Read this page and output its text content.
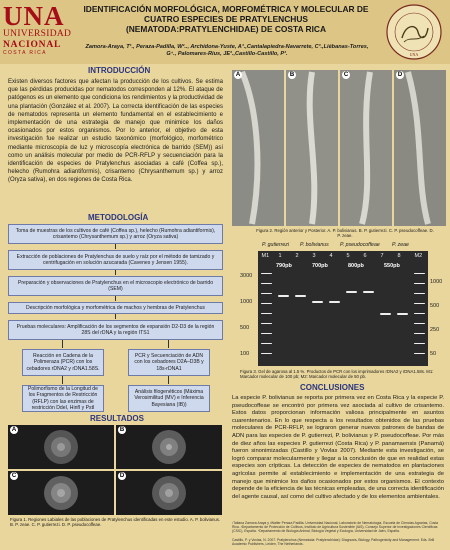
UNA
UNIVERSIDAD
NACIONAL
COSTA RICA
IDENTIFICACIÓN MORFOLÓGICA, MORFOMÉTRICA Y MOLECULAR DE CUATRO ESPECIES DE PRATYLENCHUS (NEMATODA:PRATYLENCHIDAE) DE COSTA RICA
Zamora-Araya, T¹., Peraza-Padilla, W².., Archidona-Yuste, A³.,Cantalapiedra-Navarrete, C³.,Liébanas-Torres, G⁴., Palomares-Rius, JE³.,Castillo-Castillo, P³.	UNA
INTRODUCCIÓN
Existen diversos factores que afectan la producción de los cultivos. Se estima que las pérdidas producidas por nematodos corresponden al 12%. El ataque de patógenos es un elemento que condiciona los rendimientos y la productividad de una plantación (González et al. 2007). La correcta identificación de las especies de nematodos representa un elemento fundamental en el establecimiento e implementación de una estrategia de manejo que minimice los daños ocasionados por estos organismos. Por lo anterior, el objetivo de esta investigación fue realizar un estudio taxonómico (morfológico, morfométrico mediante microscopía de luz y microscopía electrónica de barrido (SEM)) así como un análisis molecular por medio de PCR-RFLP y secuenciación para la identificación de especies de Pratylenchus asociadas a café (Coffea sp.), helecho (Rumohra adiantiformis), crisantemo (Chrysanthemum sp.) y arroz (Oryza sativa), en dos regiones de Costa Rica.
METODOLOGÍA
Toma de muestras de los cultivos de café (Coffea sp.), helecho (Rumohra adiantiformis), crisantemo (Chrysanthemum sp.) y arroz (Oryza sativa)
Extracción de poblaciones de Pratylenchus de suelo y raíz por el método de tamizado y centrifugación en solución azucarada (Cavenes y Jensen 1955).
Preparación y observaciones de Pratylenchus en el microscopio electrónico de barrido (SEM)
Descripción morfológica y morfométrica de machos y hembras de Pratylenchus
Pruebas moleculares: Amplificación de los segmentos de expansión D2-D3 de la región 28S del rDNA y la región ITS1
Reacción en Cadena de la Polimeraza (PCR) con los cebadores rDNA2 y rDNA1.58S.
PCR y Secuenciación de ADN con los cebadores D2A–D3B y 18s-rDNA1
Polimorfismo de la Longitud de los Fragmentos de Restricción (RFLP) con las enzimas de restricción DdeI, HinfI y PstI
Análisis filogenéticos (Máxima Verosimilitud (MV) e Inferencia Bayesiana (IB))
RESULTADOS
A	B
C	D
Figura 1. Regiones Labiales de las poblaciones de Pratylenchus identificadas en este estudio. A. P. bolivianus. B. P. zeae. C. P. gutierrezi. D. P. pseudocoffeae.
A	B	C	D
Figura 2. Región anterior y Posterior. A. P. bolivianus. B. P. gutierrezi. C. P. pseudocoffeae. D. P. zeae.
P. gutierrezi P. bolivianus P. pseudocoffeae P. zeae
M1 1	2	3	4	5	6	7	8	M2
790pb	700pb	800pb	550pb
3000
1000
500
100
1000
500
250
50
Figura 3. Gel de agarosa al 1.5 %. Productos de PCR con los imprimadores rDNA2 y rDNA1.58s. M1: Marcador molecular de 100 pb; M2: Marcador molecular de 50 pb.
CONCLUSIONES
La especie P. bolivianus se reporta por primera vez en Costa Rica y la especie P. pseudocoffeae se encontró por primera vez asociada al cultivo de crisantemo. Estos datos proporcionan información valiosa principalmente en asuntos cuarentenarios. En lo que respecta a los resultados obtenidos de las pruebas moleculares de PCR-RFLP, se lograron generar nuevos patrones de bandas de ADN para las especies de P. gutierrezi, P. bolivianus y P. pseudocoffeae. Por más de diez años las especies P. gutierrezi (Costa Rica) y P. panamaensis (Panamá) fueron sinonimizadas (Castillo y Vovlas 2007). Mediante esta investigación, se logró comparar molecularmente y llegar a la conclusión de que en realidad estas especies son crípticas. La detección de especies de nematodos en plantaciones agrícolas permite al establecimiento e implementación de una estrategia de manejo que minimice los daños ocasionados por estos organismos. El contexto depende de la eficiencia de las técnicas empleadas, de una correcta identificación del agente causal, así como del cultivo afectado y de los elementos ambientales.
¹Tatiana Zamora Araya y ²Walter Peraza Padilla. Universidad Nacional, Laboratorio de Nematología, Escuela de Ciencias Agrarias, Costa Rica. ³Departamento de Protección de Cultivos, Instituto de Agricultura Sostenible (IAS), Consejo Superior de Investigaciones Científicas (CSIC), España. ⁴Departamento de Biología Animal, Biología Vegetal y Ecología, Universidad de Jaén, España.
Castillo, P. y Vovlas, N. 2007. Pratylenchus (Nematoda: Pratylenchidae): Diagnosis, Biology, Pathogenicity and Management. Eds. Brill Academic Publishers, Leiden, The Netherlands.
